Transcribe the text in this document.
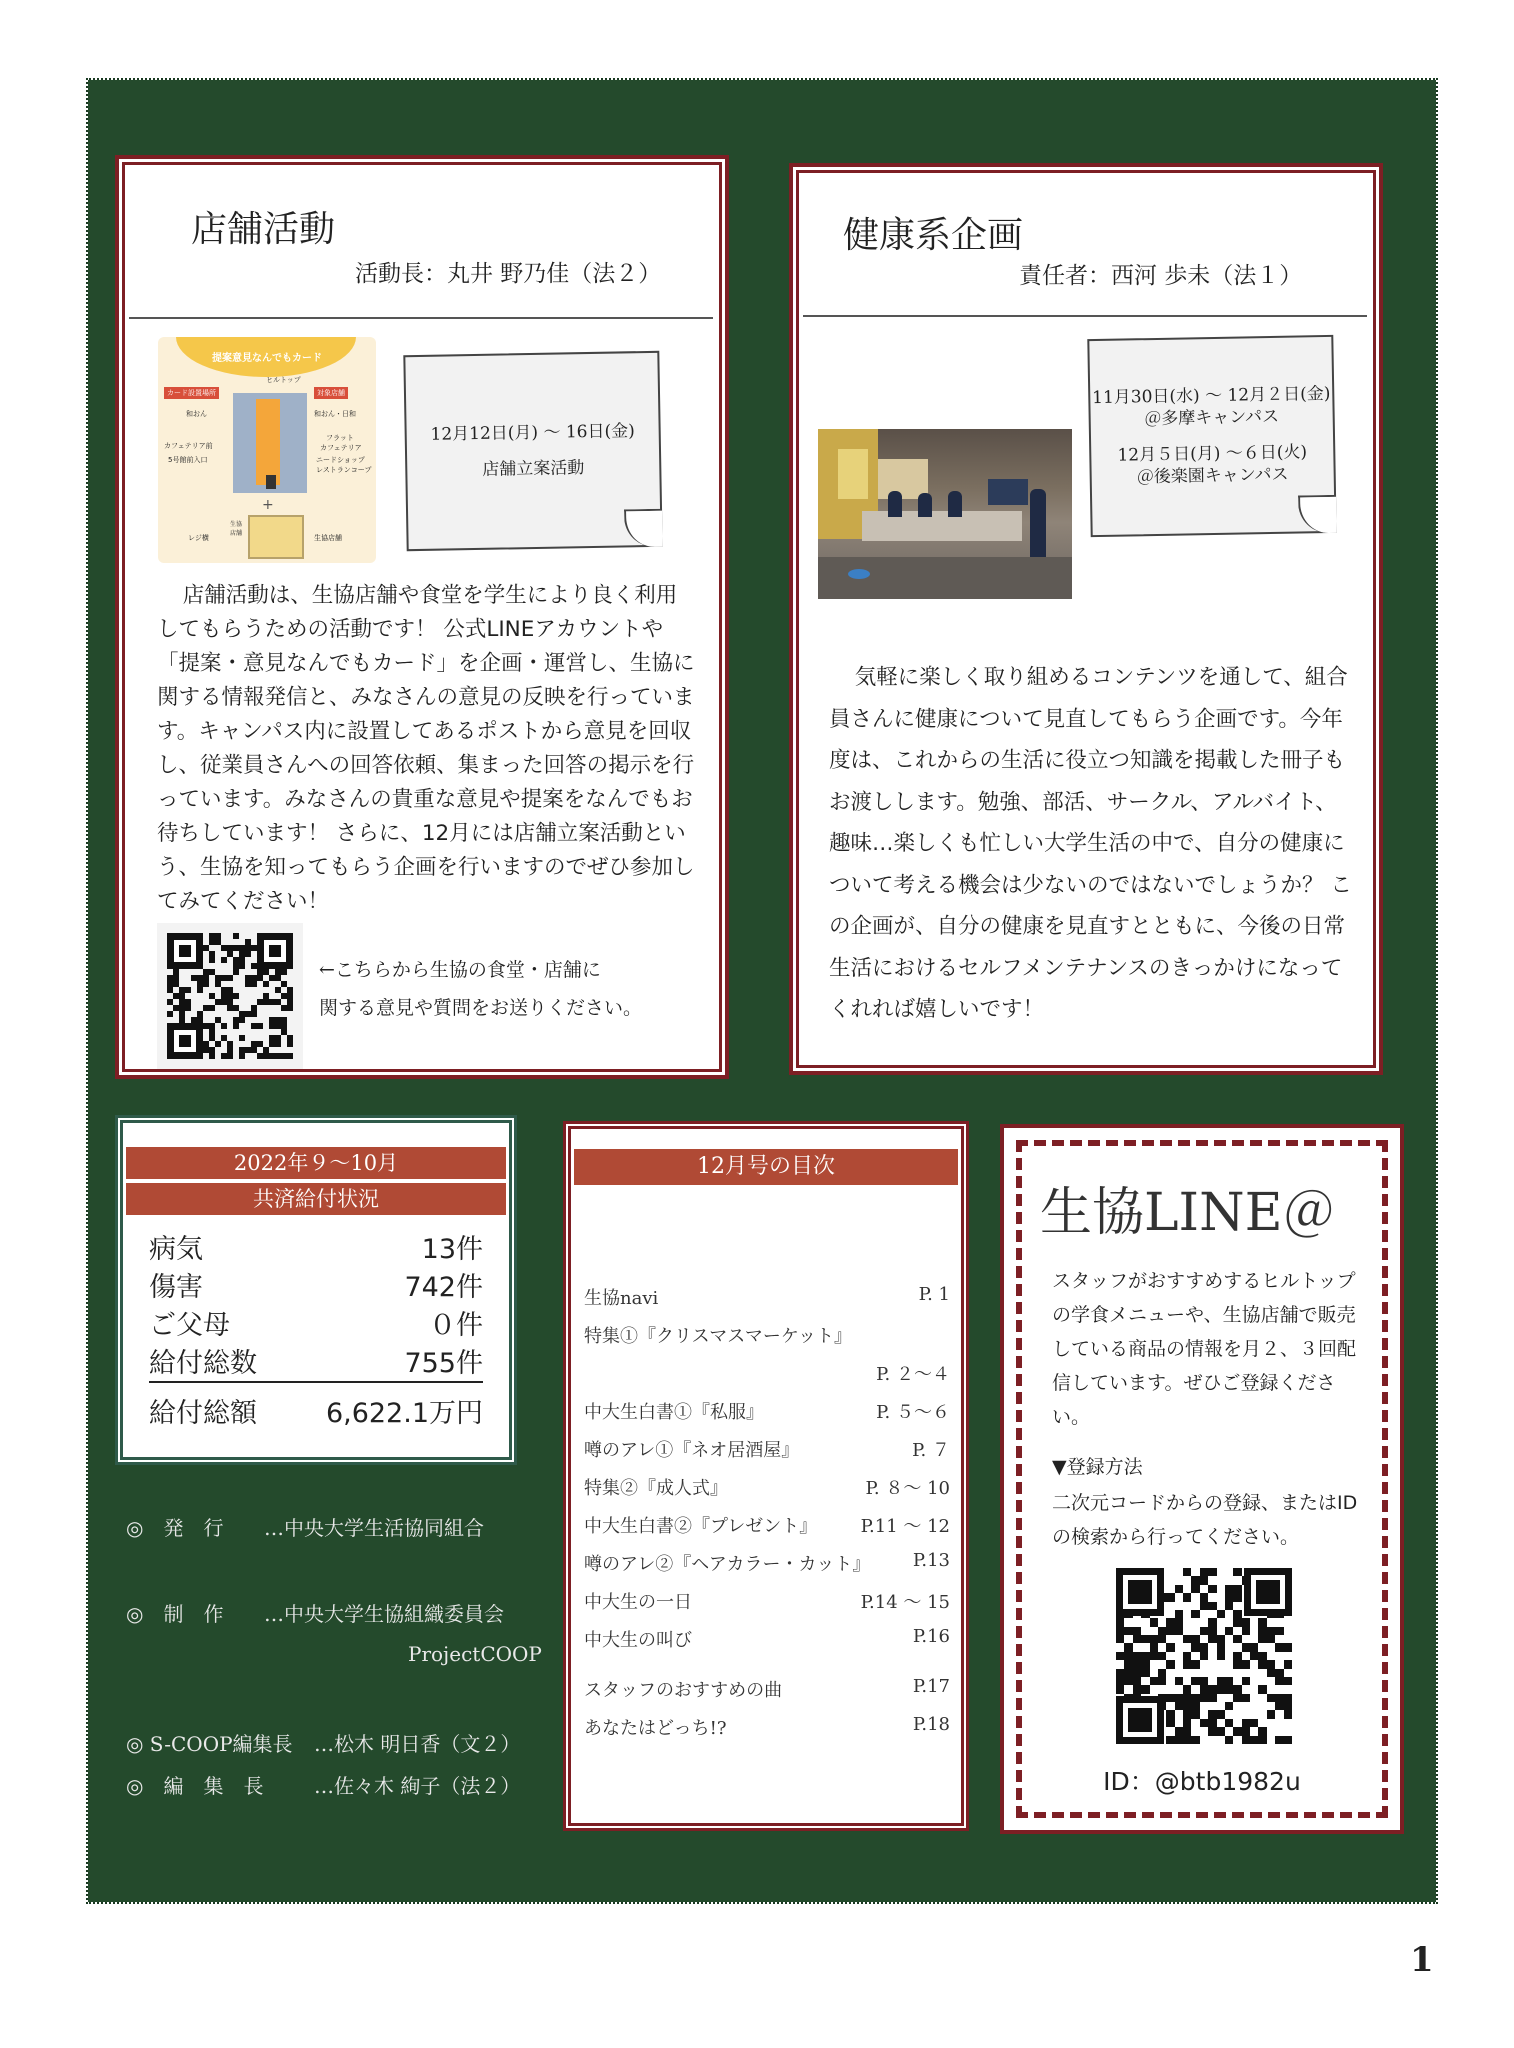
店舗活動
活動長：丸井 野乃佳（法２）
提案意見なんでもカード
ヒルトップ
カード設置場所	対象店舗
和おん	和おん・日和
カフェテリア前
フラット
カフェテリア
5号館前入口	ニードショップ
レストランコープ
+
レジ横
生協店舗
生協店舗
12月12日(月) ～ 16日(金)
店舗立案活動
店舗活動は、生協店舗や食堂を学生により良く利用してもらうための活動です！ 公式LINEアカウントや「提案・意見なんでもカード」を企画・運営し、生協に関する情報発信と、みなさんの意見の反映を行っています。キャンパス内に設置してあるポストから意見を回収し、従業員さんへの回答依頼、集まった回答の掲示を行っています。みなさんの貴重な意見や提案をなんでもお待ちしています！ さらに、12月には店舗立案活動という、生協を知ってもらう企画を行いますのでぜひ参加してみてください！
←こちらから生協の食堂・店舗に
関する意見や質問をお送りください。
健康系企画
責任者：西河 歩未（法１）
11月30日(水) ～ 12月２日(金)
＠多摩キャンパス
12月５日(月) ～６日(火)
＠後楽園キャンパス
気軽に楽しく取り組めるコンテンツを通して、組合員さんに健康について見直してもらう企画です。今年度は、これからの生活に役立つ知識を掲載した冊子もお渡しします。勉強、部活、サークル、アルバイト、趣味…楽しくも忙しい大学生活の中で、自分の健康について考える機会は少ないのではないでしょうか？ この企画が、自分の健康を見直すとともに、今後の日常生活におけるセルフメンテナンスのきっかけになってくれれば嬉しいです！
2022年９～10月
共済給付状況
病気	13件
傷害	742件
ご父母	０件
給付総数	755件
給付総額	6,622.1万円
◎　発　行 …中央大学生活協同組合
◎　制　作 …中央大学生協組織委員会
ProjectCOOP
◎ S-COOP編集長 …松木 明日香（文２）
◎　編　集　長	…佐々木 絢子（法２）
12月号の目次
生協navi	P. 1
特集①『クリスマスマーケット』
P. ２～４
中大生白書①『私服』	P. ５～６
噂のアレ①『ネオ居酒屋』	P. ７
特集②『成人式』	P. ８～ 10
中大生白書②『プレゼント』 P.11 ～ 12
噂のアレ②『ヘアカラー・カット』 P.13
中大生の一日	P.14 ～ 15
中大生の叫び	P.16
スタッフのおすすめの曲	P.17
あなたはどっち!?	P.18
生協LINE＠
スタッフがおすすめするヒルトップの学食メニューや、生協店舗で販売している商品の情報を月２、３回配信しています。ぜひご登録ください。
▼登録方法
二次元コードからの登録、またはIDの検索から行ってください。
ID：@btb1982u
1
